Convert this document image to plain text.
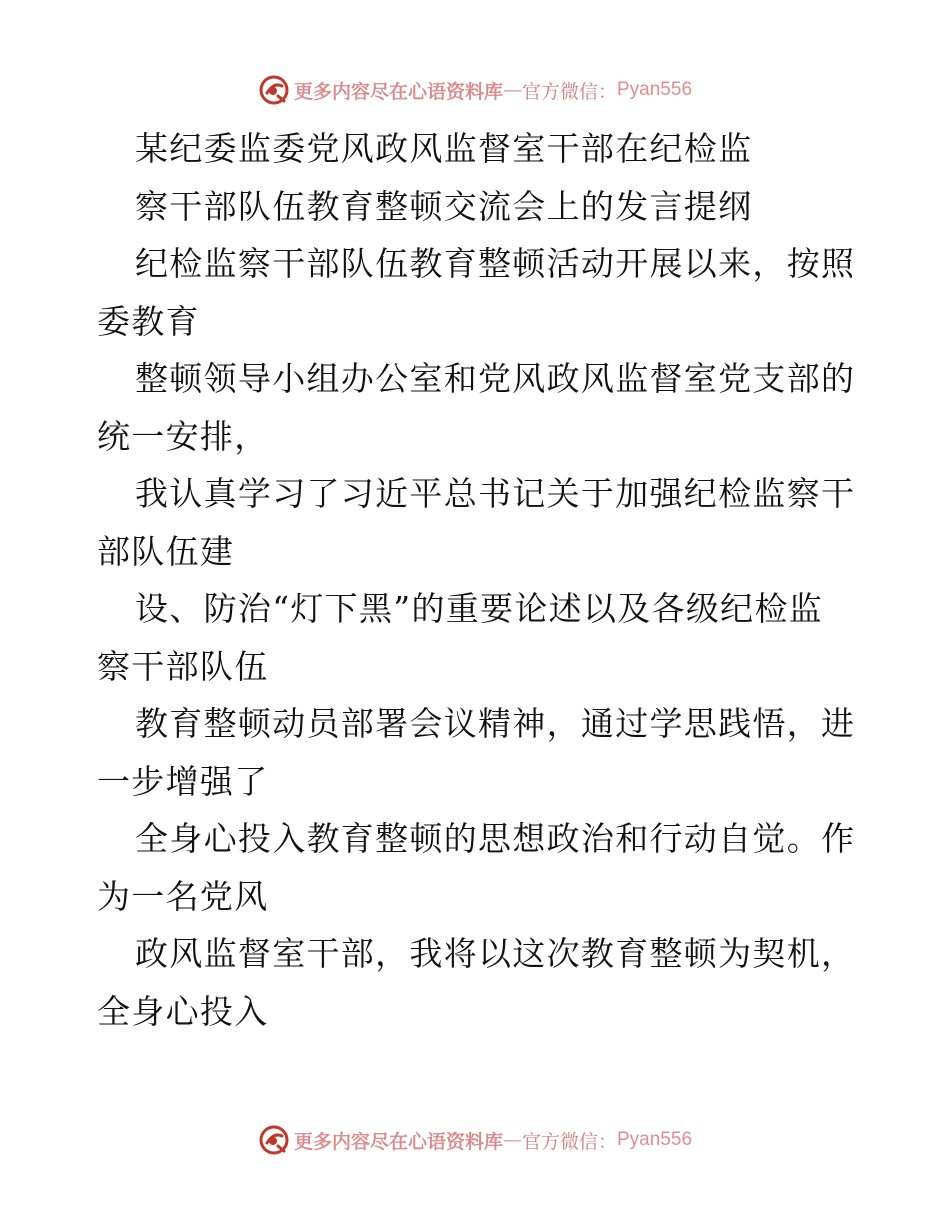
更多内容尽在心语资料库 — 官方微信： Pyan556
某纪委监委党风政风监督室干部在纪检监
察干部队伍教育整顿交流会上的发言提纲
纪检监察干部队伍教育整顿活动开展以来，按照
委教育
整顿领导小组办公室和党风政风监督室党支部的
统一安排，
我认真学习了习近平总书记关于加强纪检监察干
部队伍建
设、防治“灯下黑”的重要论述以及各级纪检监
察干部队伍
教育整顿动员部署会议精神，通过学思践悟，进
一步增强了
全身心投入教育整顿的思想政治和行动自觉。作
为一名党风
政风监督室干部，我将以这次教育整顿为契机，
全身心投入
更多内容尽在心语资料库 — 官方微信： Pyan556
